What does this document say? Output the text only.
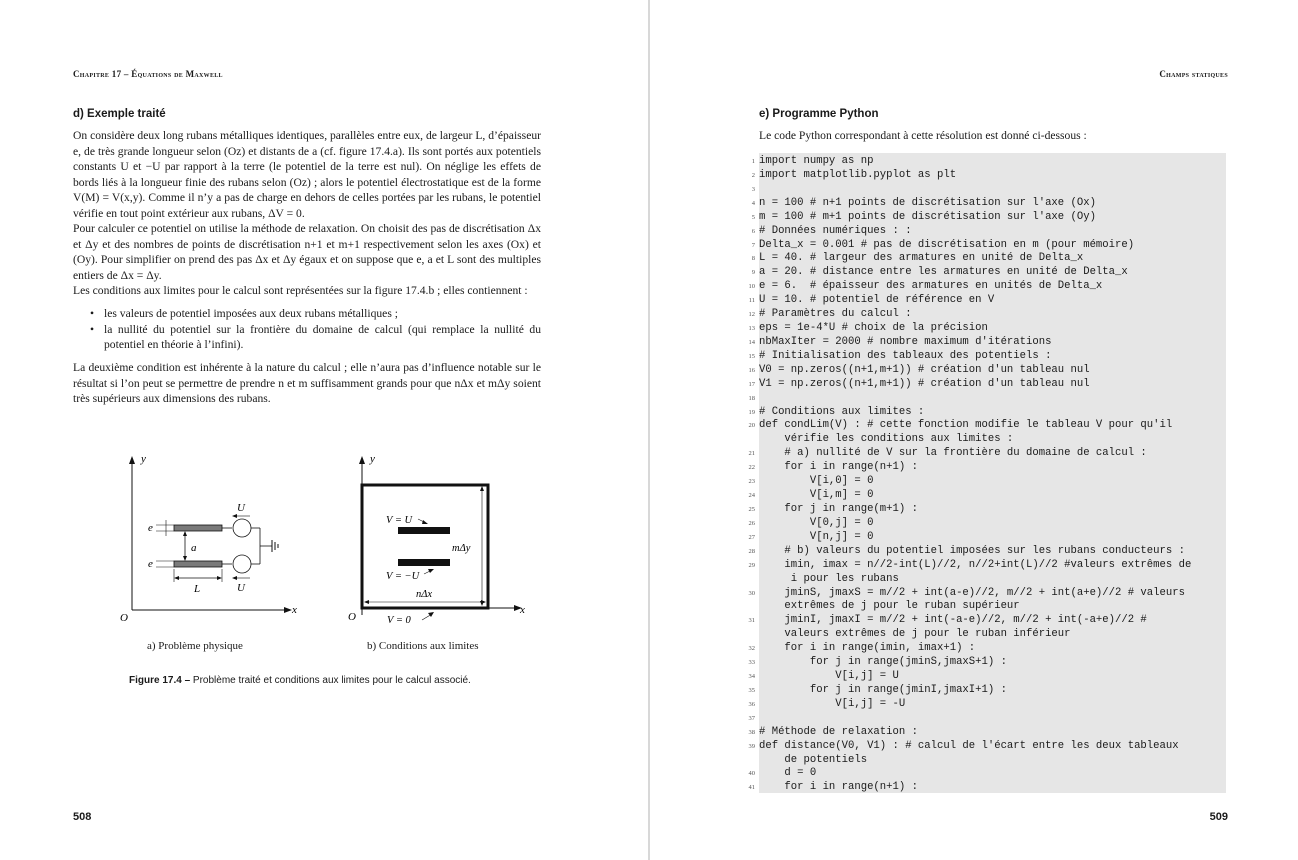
Chapitre 17 – Équations de Maxwell
d) Exemple traité

On considère deux long rubans métalliques identiques, parallèles entre eux, de largeur L, d’épaisseur e, de très grande longueur selon (Oz) et distants de a (cf. figure 17.4.a). Ils sont portés aux potentiels constants U et −U par rapport à la terre (le potentiel de la terre est nul). On néglige les effets de bords liés à la longueur finie des rubans selon (Oz) ; alors le potentiel électrostatique est de la forme V(M) = V(x,y). Comme il n’y a pas de charge en dehors de celles portées par les rubans, le potentiel vérifie en tout point extérieur aux rubans, ΔV = 0.

Pour calculer ce potentiel on utilise la méthode de relaxation. On choisit des pas de discrétisation Δx et Δy et des nombres de points de discrétisation n+1 et m+1 respectivement selon les axes (Ox) et (Oy). Pour simplifier on prend des pas Δx et Δy égaux et on suppose que e, a et L sont des multiples entiers de Δx = Δy.

Les conditions aux limites pour le calcul sont représentées sur la figure 17.4.b ; elles contiennent :

• les valeurs de potentiel imposées aux deux rubans métalliques ;
• la nullité du potentiel sur la frontière du domaine de calcul (qui remplace la nullité du potentiel en théorie à l’infini).
La deuxième condition est inhérente à la nature du calcul ; elle n’aura pas d’influence notable sur le résultat si l’on peut se permettre de prendre n et m suffisamment grands pour que nΔx et mΔy soient très supérieurs aux dimensions des rubans.
y
x
O
e
e
a
L
U
U
y
x
O
V = U
V = −U
mΔy
nΔx
V = 0
a) Problème physique	b) Conditions aux limites
Figure 17.4 – Problème traité et conditions aux limites pour le calcul associé.
508
Champs statiques
e) Programme Python
Le code Python correspondant à cette résolution est donné ci-dessous :
509
1 import numpy as np
2 import matplotlib.pyplot as plt
3
4 n = 100 # n+1 points de discrétisation sur l'axe (Ox)
5 m = 100 # m+1 points de discrétisation sur l'axe (Oy)
6 # Données numériques : :
7 Delta_x = 0.001 # pas de discrétisation en m (pour mémoire)
8 L = 40. # largeur des armatures en unité de Delta_x
9 a = 20. # distance entre les armatures en unité de Delta_x
10 e = 6.  # épaisseur des armatures en unités de Delta_x
11 U = 10. # potentiel de référence en V
12 # Paramètres du calcul :
13 eps = 1e-4*U # choix de la précision
14 nbMaxIter = 2000 # nombre maximum d'itérations
15 # Initialisation des tableaux des potentiels :
16 V0 = np.zeros((n+1,m+1)) # création d'un tableau nul
17 V1 = np.zeros((n+1,m+1)) # création d'un tableau nul
18
19 # Conditions aux limites :
20 def condLim(V) : # cette fonction modifie le tableau V pour qu'il
vérifie les conditions aux limites :
21 # a) nullité de V sur la frontière du domaine de calcul :
22 for i in range(n+1) :
23 V[i,0] = 0
24 V[i,m] = 0
25 for j in range(m+1) :
26 V[0,j] = 0
27 V[n,j] = 0
28 # b) valeurs du potentiel imposées sur les rubans conducteurs :
29 imin, imax = n//2-int(L)//2, n//2+int(L)//2 #valeurs extrêmes de
i pour les rubans
30 jminS, jmaxS = m//2 + int(a-e)//2, m//2 + int(a+e)//2 # valeurs
extrêmes de j pour le ruban supérieur
31 jminI, jmaxI = m//2 + int(-a-e)//2, m//2 + int(-a+e)//2 #
valeurs extrêmes de j pour le ruban inférieur
32 for i in range(imin, imax+1) :
33 for j in range(jminS,jmaxS+1) :
34 V[i,j] = U
35 for j in range(jminI,jmaxI+1) :
36 V[i,j] = -U
37
38 # Méthode de relaxation :
39 def distance(V0, V1) : # calcul de l'écart entre les deux tableaux
de potentiels
40 d = 0
41 for i in range(n+1) :
